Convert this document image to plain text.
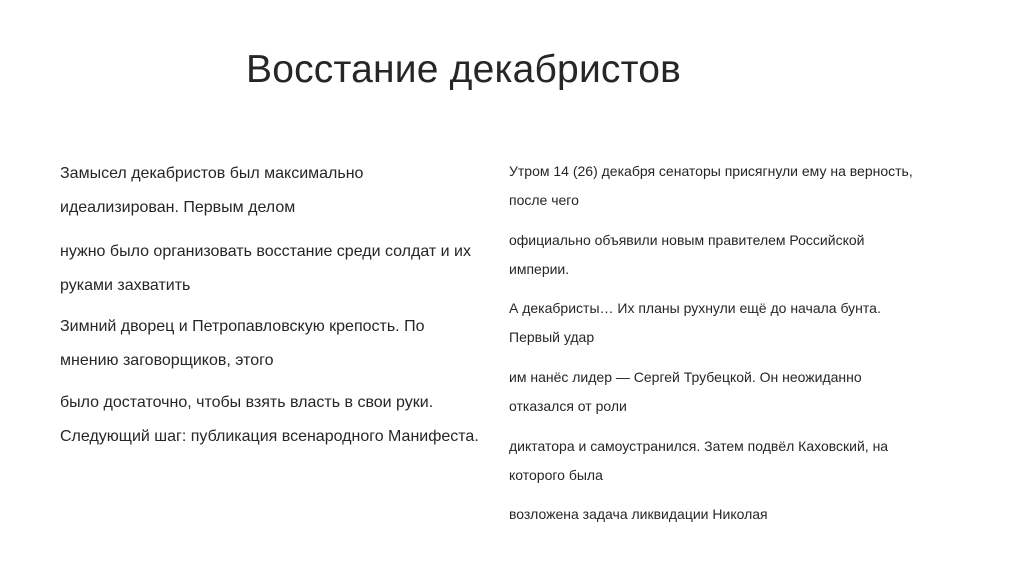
Восстание декабристов
Замысел декабристов был максимально
идеализирован. Первым делом
нужно было организовать восстание среди солдат и их
руками захватить
Зимний дворец и Петропавловскую крепость. По
мнению заговорщиков, этого
было достаточно, чтобы взять власть в свои руки.
Следующий шаг: публикация всенародного Манифеста.
Утром 14 (26) декабря сенаторы присягнули ему на верность,
после чего
официально объявили новым правителем Российской
империи.
А декабристы… Их планы рухнули ещё до начала бунта.
Первый удар
им нанёс лидер — Сергей Трубецкой. Он неожиданно
отказался от роли
диктатора и самоустранился. Затем подвёл Каховский, на
которого была
возложена задача ликвидации Николая
